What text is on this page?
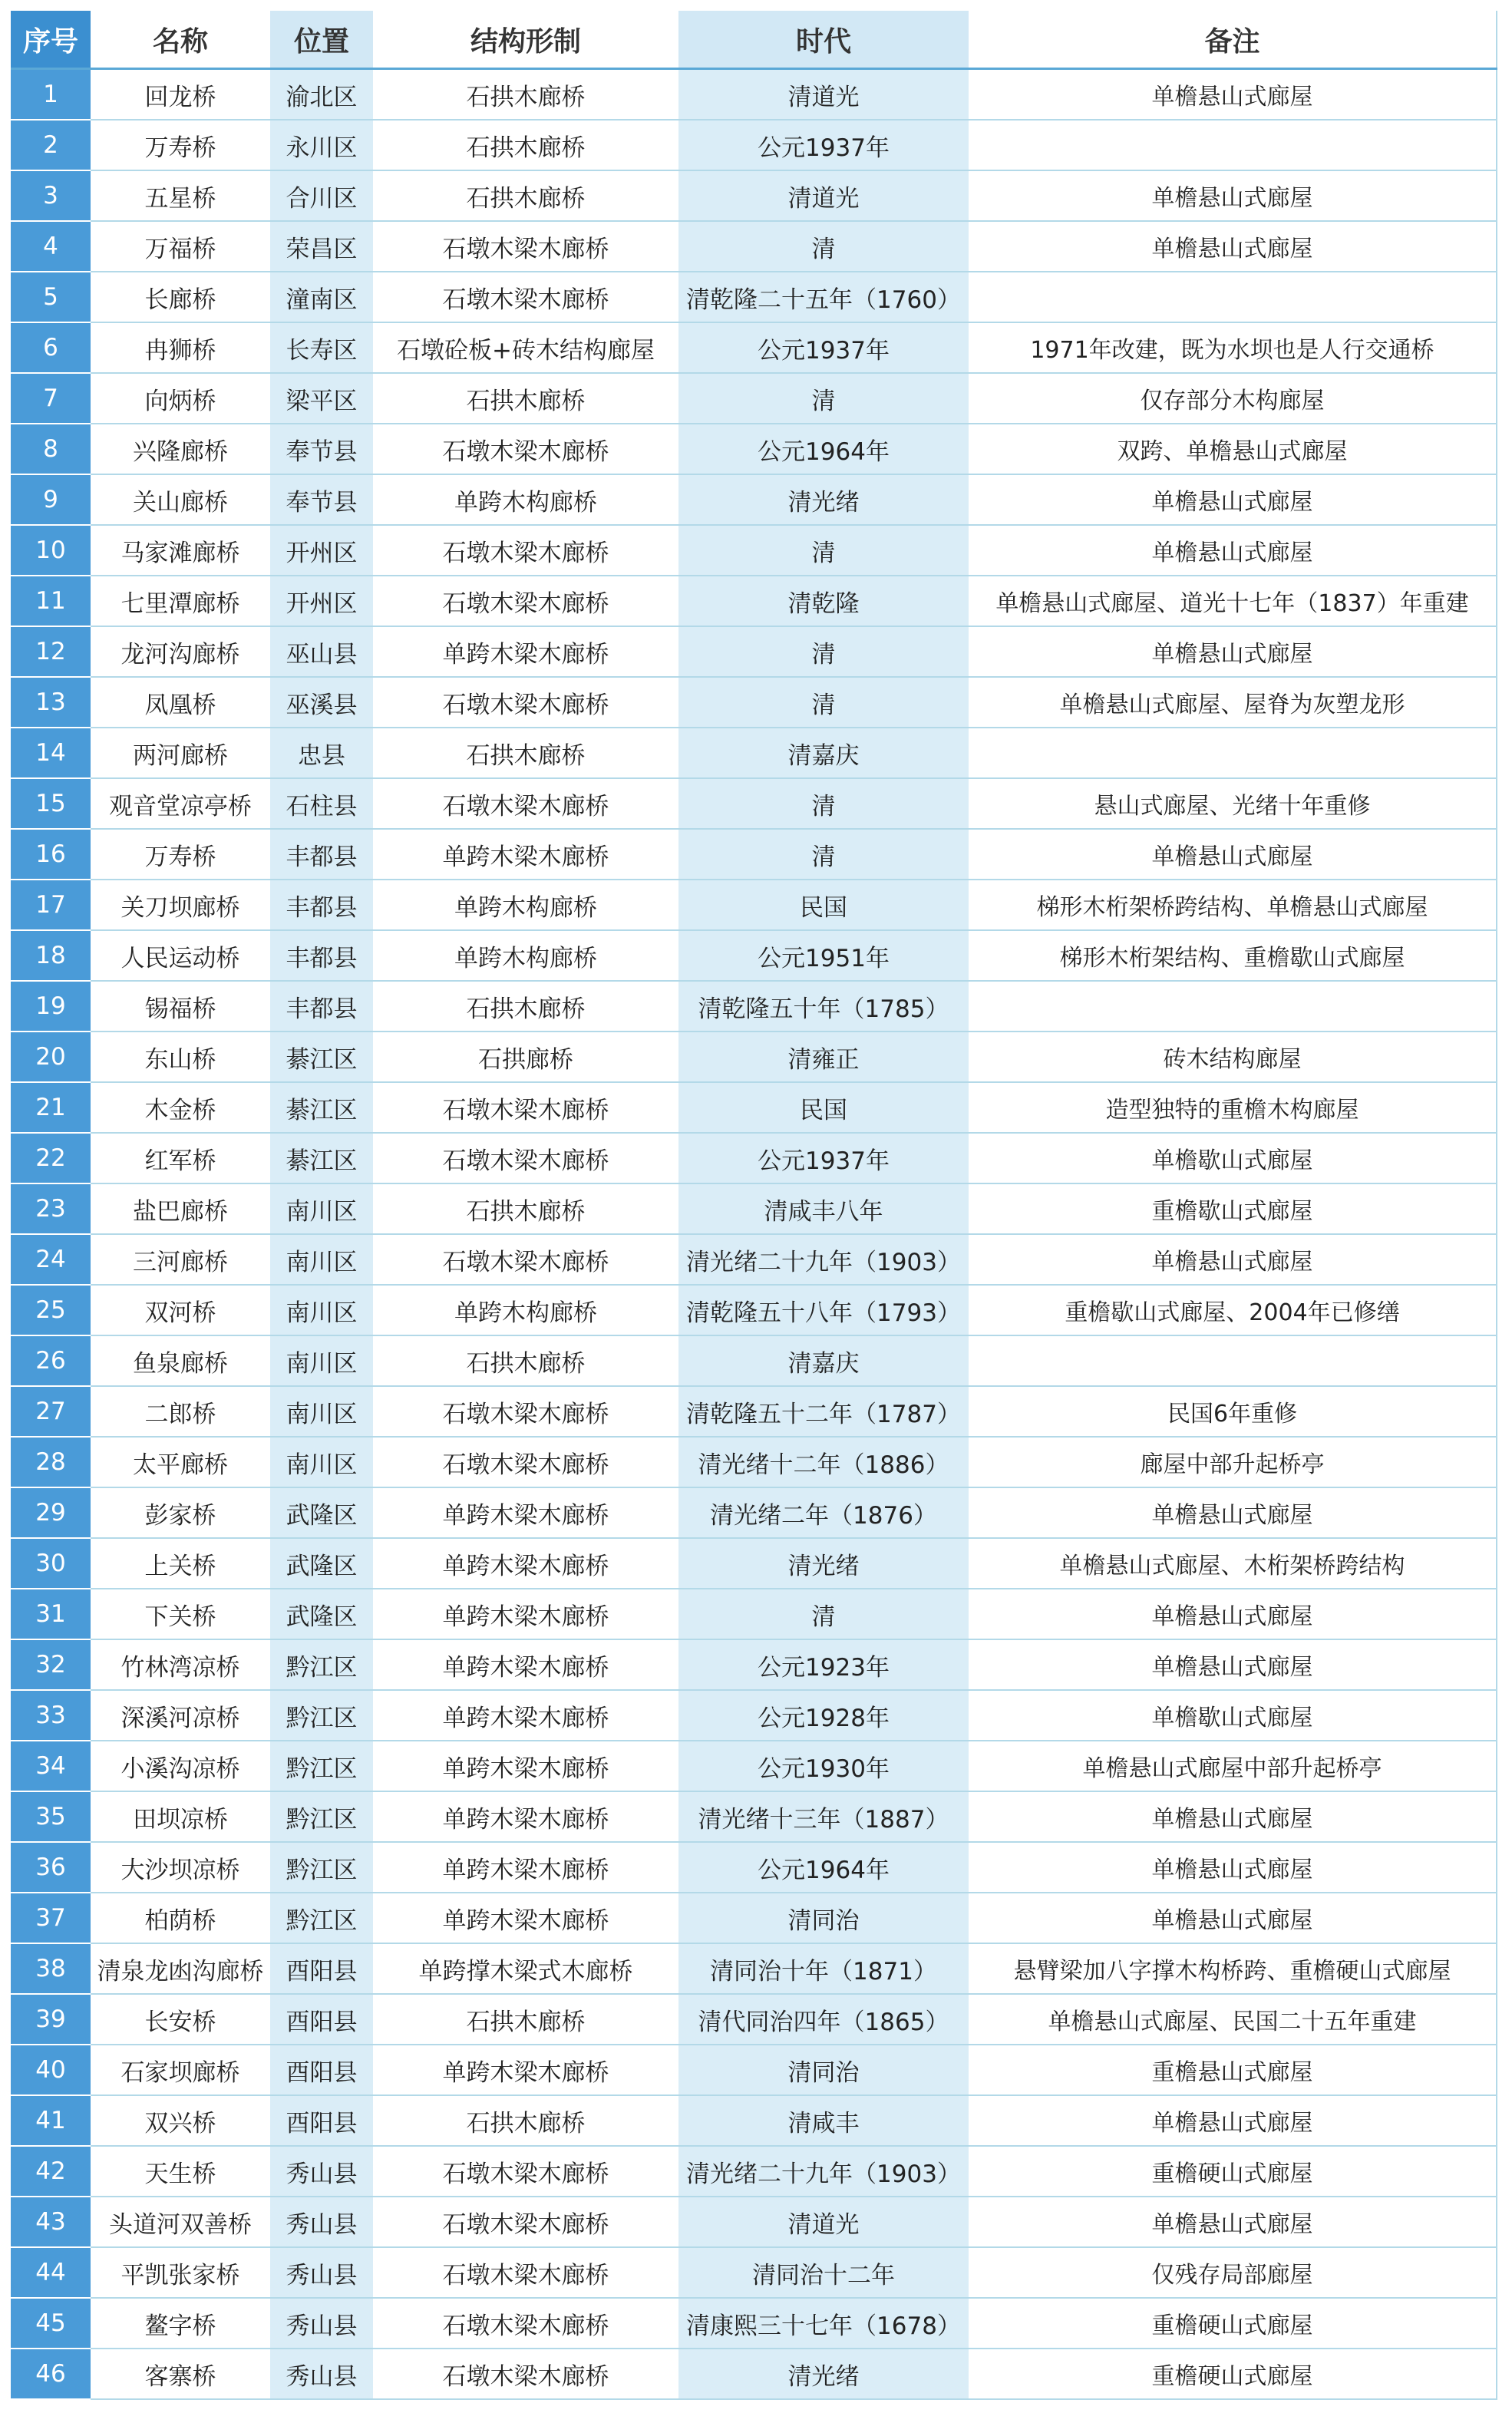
序号	名称	位置	结构形制	时代	备注
1	回龙桥	渝北区	石拱木廊桥	清道光	单檐悬山式廊屋
2	万寿桥	永川区	石拱木廊桥	公元1937年	
3	五星桥	合川区	石拱木廊桥	清道光	单檐悬山式廊屋
4	万福桥	荣昌区	石墩木梁木廊桥	清	单檐悬山式廊屋
5	长廊桥	潼南区	石墩木梁木廊桥	清乾隆二十五年（1760）	
6	冉狮桥	长寿区	石墩砼板+砖木结构廊屋	公元1937年	1971年改建，既为水坝也是人行交通桥
7	向炳桥	梁平区	石拱木廊桥	清	仅存部分木构廊屋
8	兴隆廊桥	奉节县	石墩木梁木廊桥	公元1964年	双跨、单檐悬山式廊屋
9	关山廊桥	奉节县	单跨木构廊桥	清光绪	单檐悬山式廊屋
10	马家滩廊桥	开州区	石墩木梁木廊桥	清	单檐悬山式廊屋
11	七里潭廊桥	开州区	石墩木梁木廊桥	清乾隆	单檐悬山式廊屋、道光十七年（1837）年重建
12	龙河沟廊桥	巫山县	单跨木梁木廊桥	清	单檐悬山式廊屋
13	凤凰桥	巫溪县	石墩木梁木廊桥	清	单檐悬山式廊屋、屋脊为灰塑龙形
14	两河廊桥	忠县	石拱木廊桥	清嘉庆	
15	观音堂凉亭桥	石柱县	石墩木梁木廊桥	清	悬山式廊屋、光绪十年重修
16	万寿桥	丰都县	单跨木梁木廊桥	清	单檐悬山式廊屋
17	关刀坝廊桥	丰都县	单跨木构廊桥	民国	梯形木桁架桥跨结构、单檐悬山式廊屋
18	人民运动桥	丰都县	单跨木构廊桥	公元1951年	梯形木桁架结构、重檐歇山式廊屋
19	锡福桥	丰都县	石拱木廊桥	清乾隆五十年（1785）	
20	东山桥	綦江区	石拱廊桥	清雍正	砖木结构廊屋
21	木金桥	綦江区	石墩木梁木廊桥	民国	造型独特的重檐木构廊屋
22	红军桥	綦江区	石墩木梁木廊桥	公元1937年	单檐歇山式廊屋
23	盐巴廊桥	南川区	石拱木廊桥	清咸丰八年	重檐歇山式廊屋
24	三河廊桥	南川区	石墩木梁木廊桥	清光绪二十九年（1903）	单檐悬山式廊屋
25	双河桥	南川区	单跨木构廊桥	清乾隆五十八年（1793）	重檐歇山式廊屋、2004年已修缮
26	鱼泉廊桥	南川区	石拱木廊桥	清嘉庆	
27	二郎桥	南川区	石墩木梁木廊桥	清乾隆五十二年（1787）	民国6年重修
28	太平廊桥	南川区	石墩木梁木廊桥	清光绪十二年（1886）	廊屋中部升起桥亭
29	彭家桥	武隆区	单跨木梁木廊桥	清光绪二年（1876）	单檐悬山式廊屋
30	上关桥	武隆区	单跨木梁木廊桥	清光绪	单檐悬山式廊屋、木桁架桥跨结构
31	下关桥	武隆区	单跨木梁木廊桥	清	单檐悬山式廊屋
32	竹林湾凉桥	黔江区	单跨木梁木廊桥	公元1923年	单檐悬山式廊屋
33	深溪河凉桥	黔江区	单跨木梁木廊桥	公元1928年	单檐歇山式廊屋
34	小溪沟凉桥	黔江区	单跨木梁木廊桥	公元1930年	单檐悬山式廊屋中部升起桥亭
35	田坝凉桥	黔江区	单跨木梁木廊桥	清光绪十三年（1887）	单檐悬山式廊屋
36	大沙坝凉桥	黔江区	单跨木梁木廊桥	公元1964年	单檐悬山式廊屋
37	柏荫桥	黔江区	单跨木梁木廊桥	清同治	单檐悬山式廊屋
38	清泉龙凼沟廊桥	酉阳县	单跨撑木梁式木廊桥	清同治十年（1871）	悬臂梁加八字撑木构桥跨、重檐硬山式廊屋
39	长安桥	酉阳县	石拱木廊桥	清代同治四年（1865）	单檐悬山式廊屋、民国二十五年重建
40	石家坝廊桥	酉阳县	单跨木梁木廊桥	清同治	重檐悬山式廊屋
41	双兴桥	酉阳县	石拱木廊桥	清咸丰	单檐悬山式廊屋
42	天生桥	秀山县	石墩木梁木廊桥	清光绪二十九年（1903）	重檐硬山式廊屋
43	头道河双善桥	秀山县	石墩木梁木廊桥	清道光	单檐悬山式廊屋
44	平凯张家桥	秀山县	石墩木梁木廊桥	清同治十二年	仅残存局部廊屋
45	鳌字桥	秀山县	石墩木梁木廊桥	清康熙三十七年（1678）	重檐硬山式廊屋
46	客寨桥	秀山县	石墩木梁木廊桥	清光绪	重檐硬山式廊屋
